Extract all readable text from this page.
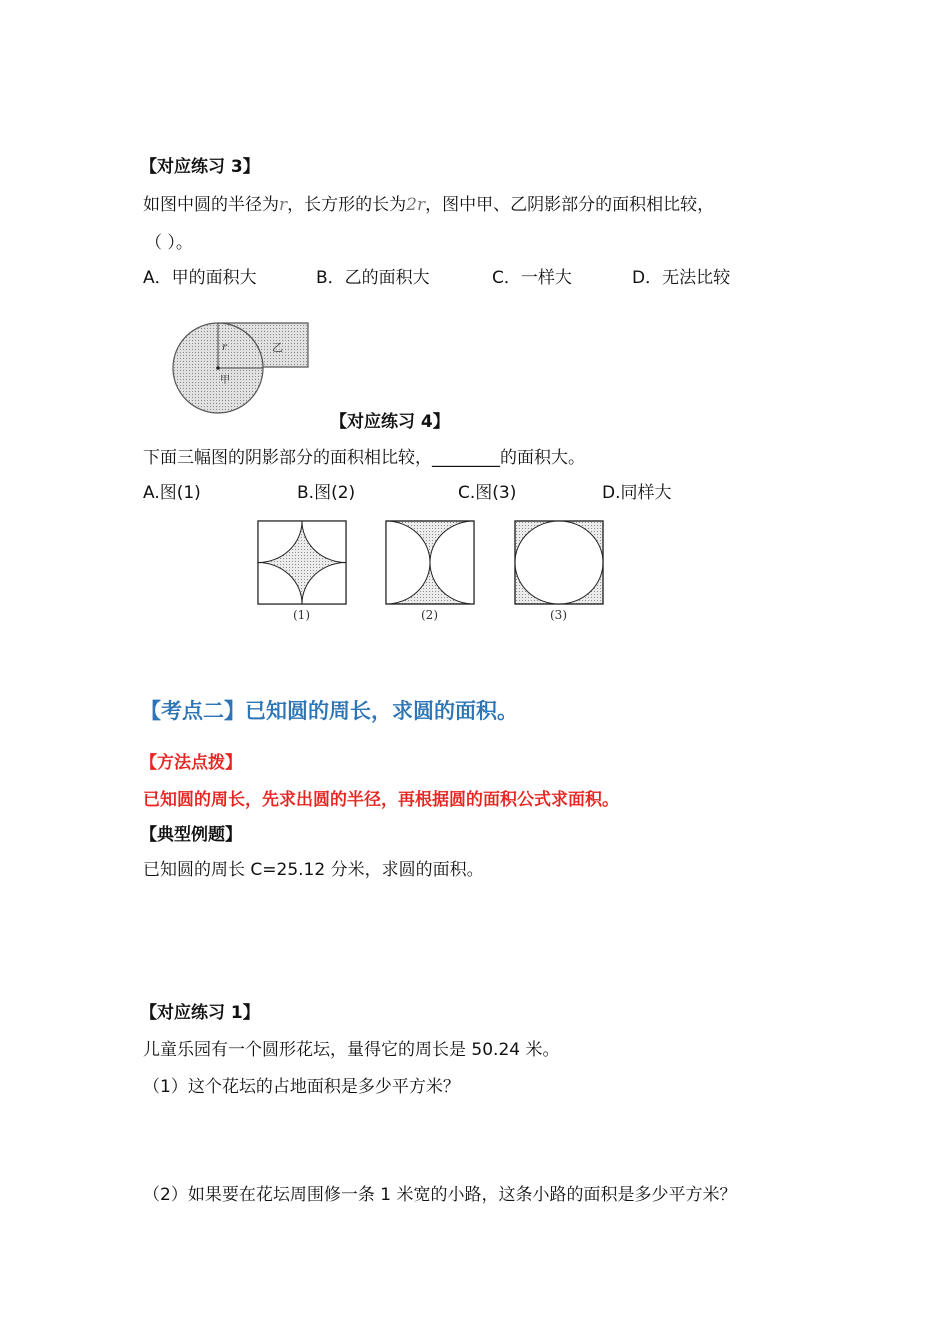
【对应练习 3】
如图中圆的半径为r，长方形的长为2r，图中甲、乙阴影部分的面积相比较，
（ ）。
A．甲的面积大	B．乙的面积大	C．一样大	D．无法比较
r
甲
乙
【对应练习 4】
下面三幅图的阴影部分的面积相比较，________的面积大。
A.图(1)	B.图(2)	C.图(3)	D.同样大
(1)	(2)	(3)
【考点二】已知圆的周长，求圆的面积。
【方法点拨】
已知圆的周长，先求出圆的半径，再根据圆的面积公式求面积。
【典型例题】
已知圆的周长 C=25.12 分米，求圆的面积。
【对应练习 1】
儿童乐园有一个圆形花坛，量得它的周长是 50.24 米。
（1）这个花坛的占地面积是多少平方米？
（2）如果要在花坛周围修一条 1 米宽的小路，这条小路的面积是多少平方米？
